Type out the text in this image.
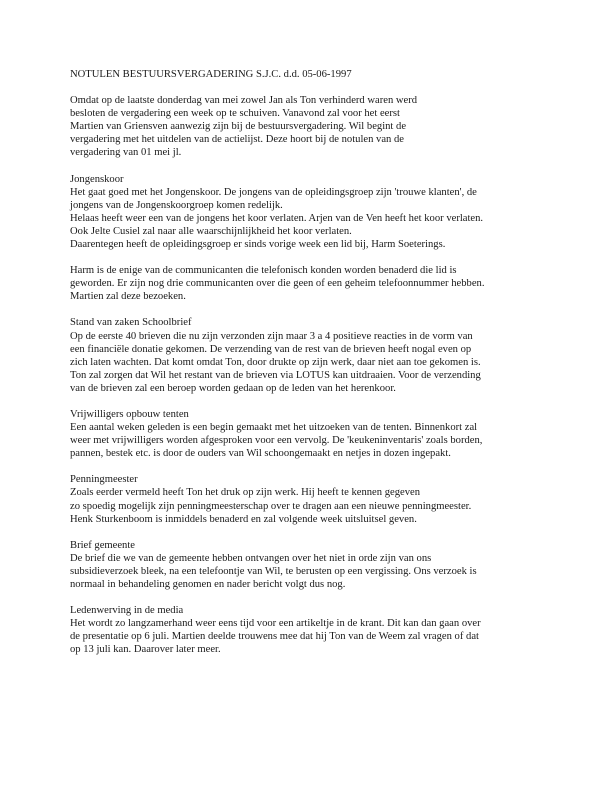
NOTULEN BESTUURSVERGADERING S.J.C. d.d. 05-06-1997
Omdat op de laatste donderdag van mei zowel Jan als Ton verhinderd waren werd
besloten de vergadering een week op te schuiven. Vanavond zal voor het eerst
Martien van Griensven aanwezig zijn bij de bestuursvergadering. Wil begint de
vergadering met het uitdelen van de actielijst. Deze hoort bij de notulen van de
vergadering van 01 mei jl.
Jongenskoor
Het gaat goed met het Jongenskoor. De jongens van de opleidingsgroep zijn 'trouwe klanten', de
jongens van de Jongenskoorgroep komen redelijk.
Helaas heeft weer een van de jongens het koor verlaten. Arjen van de Ven heeft het koor verlaten.
Ook Jelte Cusiel zal naar alle waarschijnlijkheid het koor verlaten.
Daarentegen heeft de opleidingsgroep er sinds vorige week een lid bij, Harm Soeterings.
Harm is de enige van de communicanten die telefonisch konden worden benaderd die lid is
geworden. Er zijn nog drie communicanten over die geen of een geheim telefoonnummer hebben.
Martien zal deze bezoeken.
Stand van zaken Schoolbrief
Op de eerste 40 brieven die nu zijn verzonden zijn maar 3 a 4 positieve reacties in de vorm van
een financiële donatie gekomen. De verzending van de rest van de brieven heeft nogal even op
zich laten wachten. Dat komt omdat Ton, door drukte op zijn werk, daar niet aan toe gekomen is.
Ton zal zorgen dat Wil het restant van de brieven via LOTUS kan uitdraaien. Voor de verzending
van de brieven zal een beroep worden gedaan op de leden van het herenkoor.
Vrijwilligers opbouw tenten
Een aantal weken geleden is een begin gemaakt met het uitzoeken van de tenten. Binnenkort zal
weer met vrijwilligers worden afgesproken voor een vervolg. De 'keukeninventaris' zoals borden,
pannen, bestek etc. is door de ouders van Wil schoongemaakt en netjes in dozen ingepakt.
Penningmeester
Zoals eerder vermeld heeft Ton het druk op zijn werk. Hij heeft te kennen gegeven
zo spoedig mogelijk zijn penningmeesterschap over te dragen aan een nieuwe penningmeester.
Henk Sturkenboom is inmiddels benaderd en zal volgende week uitsluitsel geven.
Brief gemeente
De brief die we van de gemeente hebben ontvangen over het niet in orde zijn van ons
subsidieverzoek bleek, na een telefoontje van Wil, te berusten op een vergissing. Ons verzoek is
normaal in behandeling genomen en nader bericht volgt dus nog.
Ledenwerving in de media
Het wordt zo langzamerhand weer eens tijd voor een artikeltje in de krant. Dit kan dan gaan over
de presentatie op 6 juli. Martien deelde trouwens mee dat hij Ton van de Weem zal vragen of dat
op 13 juli kan. Daarover later meer.
